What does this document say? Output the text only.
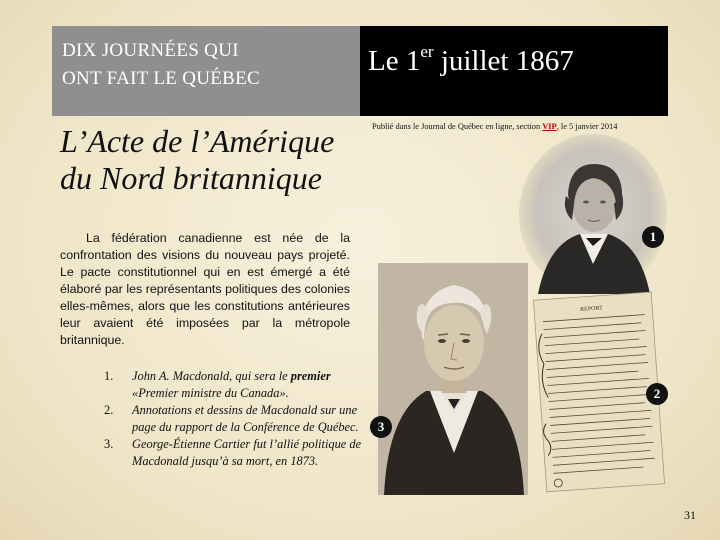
DIX JOURNÉES QUI
ONT FAIT LE QUÉBEC
Le 1er juillet 1867
L’Acte de l’Amérique
du Nord britannique
Publié dans le Journal de Québec en ligne, section VIP, le 5 janvier 2014
La fédération canadienne est née de la confrontation des visions du nouveau pays projeté. Le pacte constitutionnel qui en est émergé a été élaboré par les représentants politiques des colonies elles-mêmes, alors que les constitutions antérieures leur avaient été imposées par la métropole britannique.
REPORT
1
2
3
1.	John A. Macdonald, qui sera le premier «Premier ministre du Canada».
2.	Annotations et dessins de Macdonald sur une page du rapport de la Conférence de Québec.
3.	George-Étienne Cartier fut l’allié politique de Macdonald jusqu’à sa mort, en 1873.
31
